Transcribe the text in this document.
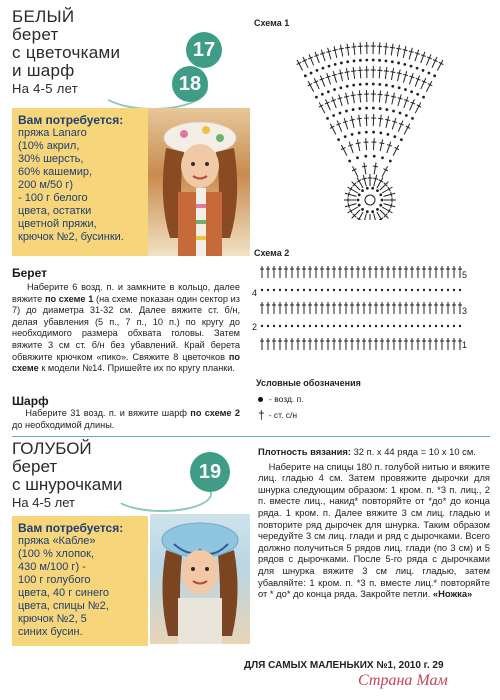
БЕЛЫЙ
берет
с цветочками
и шарф
На 4-5 лет
17
18
Вам потребуется:
пряжа Lanaro
(10% акрил,
30% шерсть,
60% кашемир,
200 м/50 г)
- 100 г белого
цвета, остатки
цветной пряжи,
крючок №2, бусинки.
Берет
Наберите 6 возд. п. и замкните в кольцо, далее вяжите по схеме 1 (на схеме показан один сектор из 7) до диаметра 31-32 см. Далее вяжите ст. б/н, делая убавления (5 п., 7 п., 10 п.) по кругу до необходимого размера обхвата головы. Затем вяжите 3 см ст. б/н без убавлений. Край берета обвяжите крючком «пико». Свяжите 8 цветочков по схеме к модели №14. Пришейте их по кругу планки.
Шарф
Наберите 31 возд. п. и вяжите шарф по схеме 2 до необходимой длины.
Схема 1
Схема 2
5
3
1
4
2
Условные обозначения
- возд. п.
† - ст. с/н
ГОЛУБОЙ
берет
с шнурочками
На 4-5 лет
19
Вам потребуется:
пряжа «Кабле»
(100 % хлопок,
430 м/100 г) -
100 г голубого
цвета, 40 г синего
цвета, спицы №2,
крючок №2, 5
синих бусин.
Плотность вязания: 32 п. х 44 ряда = 10 х 10 см.
Наберите на спицы 180 п. голубой нитью и вяжите лиц. гладью 4 см. Затем провяжите дырочки для шнурка следующим образом: 1 кром. п. *3 п. лиц., 2 п. вместе лиц., накид* повторяйте от *до* до конца ряда. 1 кром. п. Далее вяжите 3 см лиц. гладью и повторите ряд дырочек для шнурка. Таким образом чередуйте 3 см лиц. глади и ряд с дырочками. Всего должно получиться 5 рядов лиц. глади (по 3 см) и 5 рядов с дырочками. После 5-го ряда с дырочками для шнурка вяжите 3 см лиц. гладью, затем убавляйте: 1 кром. п. *3 п. вместе лиц.* повторяйте от * до* до конца ряда. Закройте петли. «Ножка»
ДЛЯ САМЫХ МАЛЕНЬКИХ №1, 2010 г. 29
Страна Мам
